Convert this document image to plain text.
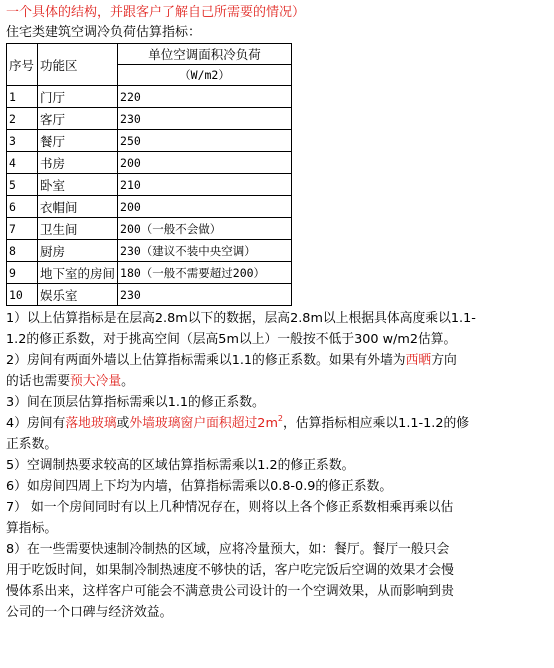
一个具体的结构，并跟客户了解自己所需要的情况）

住宅类建筑空调冷负荷估算指标：

序号	功能区	单位空调面积冷负荷
		（W/m2）
1	门厅	220
2	客厅	230
3	餐厅	250
4	书房	200
5	卧室	210
6	衣帽间	200
7	卫生间	200（一般不会做）
8	厨房	230（建议不装中央空调）
9	地下室的房间	180（一般不需要超过200）
10	娱乐室	230

1）以上估算指标是在层高2.8m以下的数据，层高2.8m以上根据具体高度乘以1.1-

1.2的修正系数，对于挑高空间（层高5m以上）一般按不低于300 w/m2估算。

2）房间有两面外墙以上估算指标需乘以1.1的修正系数。如果有外墙为西晒方向

的话也需要预大冷量。

3）间在顶层估算指标需乘以1.1的修正系数。

4）房间有落地玻璃或外墙玻璃窗户面积超过$2m^2$，估算指标相应乘以1.1-1.2的修

正系数。

5）空调制热要求较高的区域估算指标需乘以1.2的修正系数。

6）如房间四周上下均为内墙，估算指标需乘以0.8-0.9的修正系数。

7） 如一个房间同时有以上几种情况存在，则将以上各个修正系数相乘再乘以估

算指标。

8）在一些需要快速制冷制热的区域，应将冷量预大，如：餐厅。餐厅一般只会

用于吃饭时间，如果制冷制热速度不够快的话，客户吃完饭后空调的效果才会慢

慢体系出来，这样客户可能会不满意贵公司设计的一个空调效果，从而影响到贵

公司的一个口碑与经济效益。
